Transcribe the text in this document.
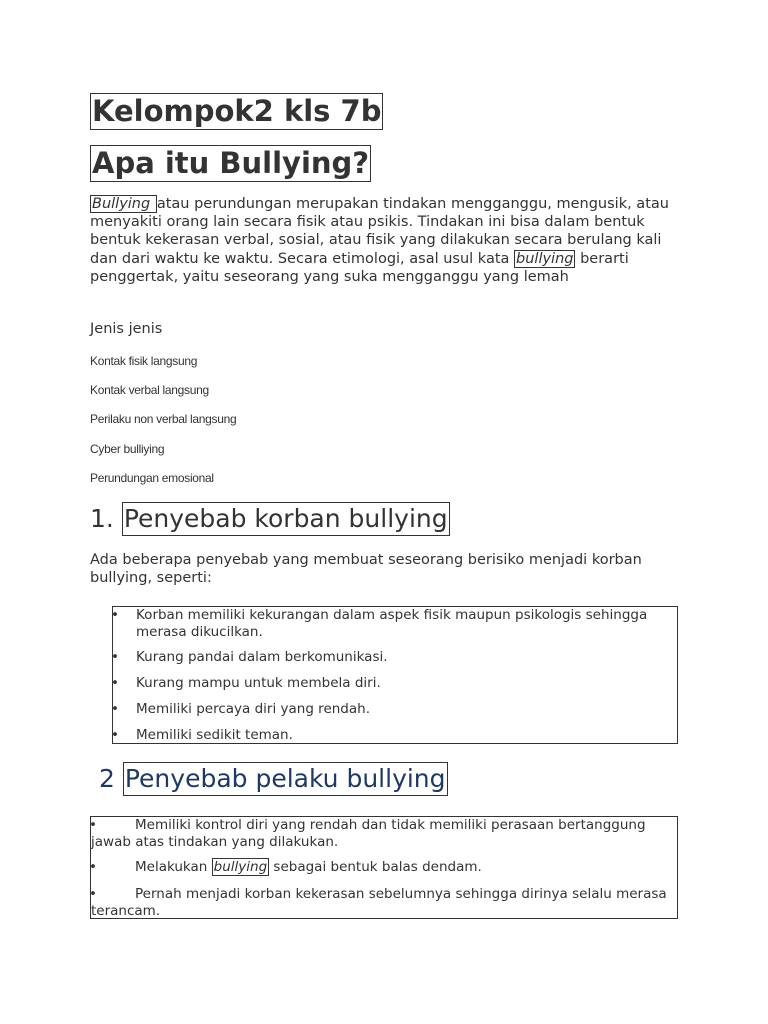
Kelompok2 kls 7b
Apa itu Bullying?

Bullying atau perundungan merupakan tindakan mengganggu, mengusik, atau menyakiti orang lain secara fisik atau psikis. Tindakan ini bisa dalam bentuk bentuk kekerasan verbal, sosial, atau fisik yang dilakukan secara berulang kali dan dari waktu ke waktu. Secara etimologi, asal usul kata bullying berarti penggertak, yaitu seseorang yang suka mengganggu yang lemah

Jenis jenis

Kontak fisik langsung
Kontak verbal langsung
Perilaku non verbal langsung
Cyber bulliying
Perundungan emosional
1. Penyebab korban bullying

Ada beberapa penyebab yang membuat seseorang berisiko menjadi korban bullying, seperti:

• Korban memiliki kekurangan dalam aspek fisik maupun psikologis sehingga merasa dikucilkan.
• Kurang pandai dalam berkomunikasi.
• Kurang mampu untuk membela diri.
• Memiliki percaya diri yang rendah.
• Memiliki sedikit teman.
2 Penyebab pelaku bullying
•	Memiliki kontrol diri yang rendah dan tidak memiliki perasaan bertanggung jawab atas tindakan yang dilakukan.
•	Melakukan bullying sebagai bentuk balas dendam.
•	Pernah menjadi korban kekerasan sebelumnya sehingga dirinya selalu merasa terancam.
